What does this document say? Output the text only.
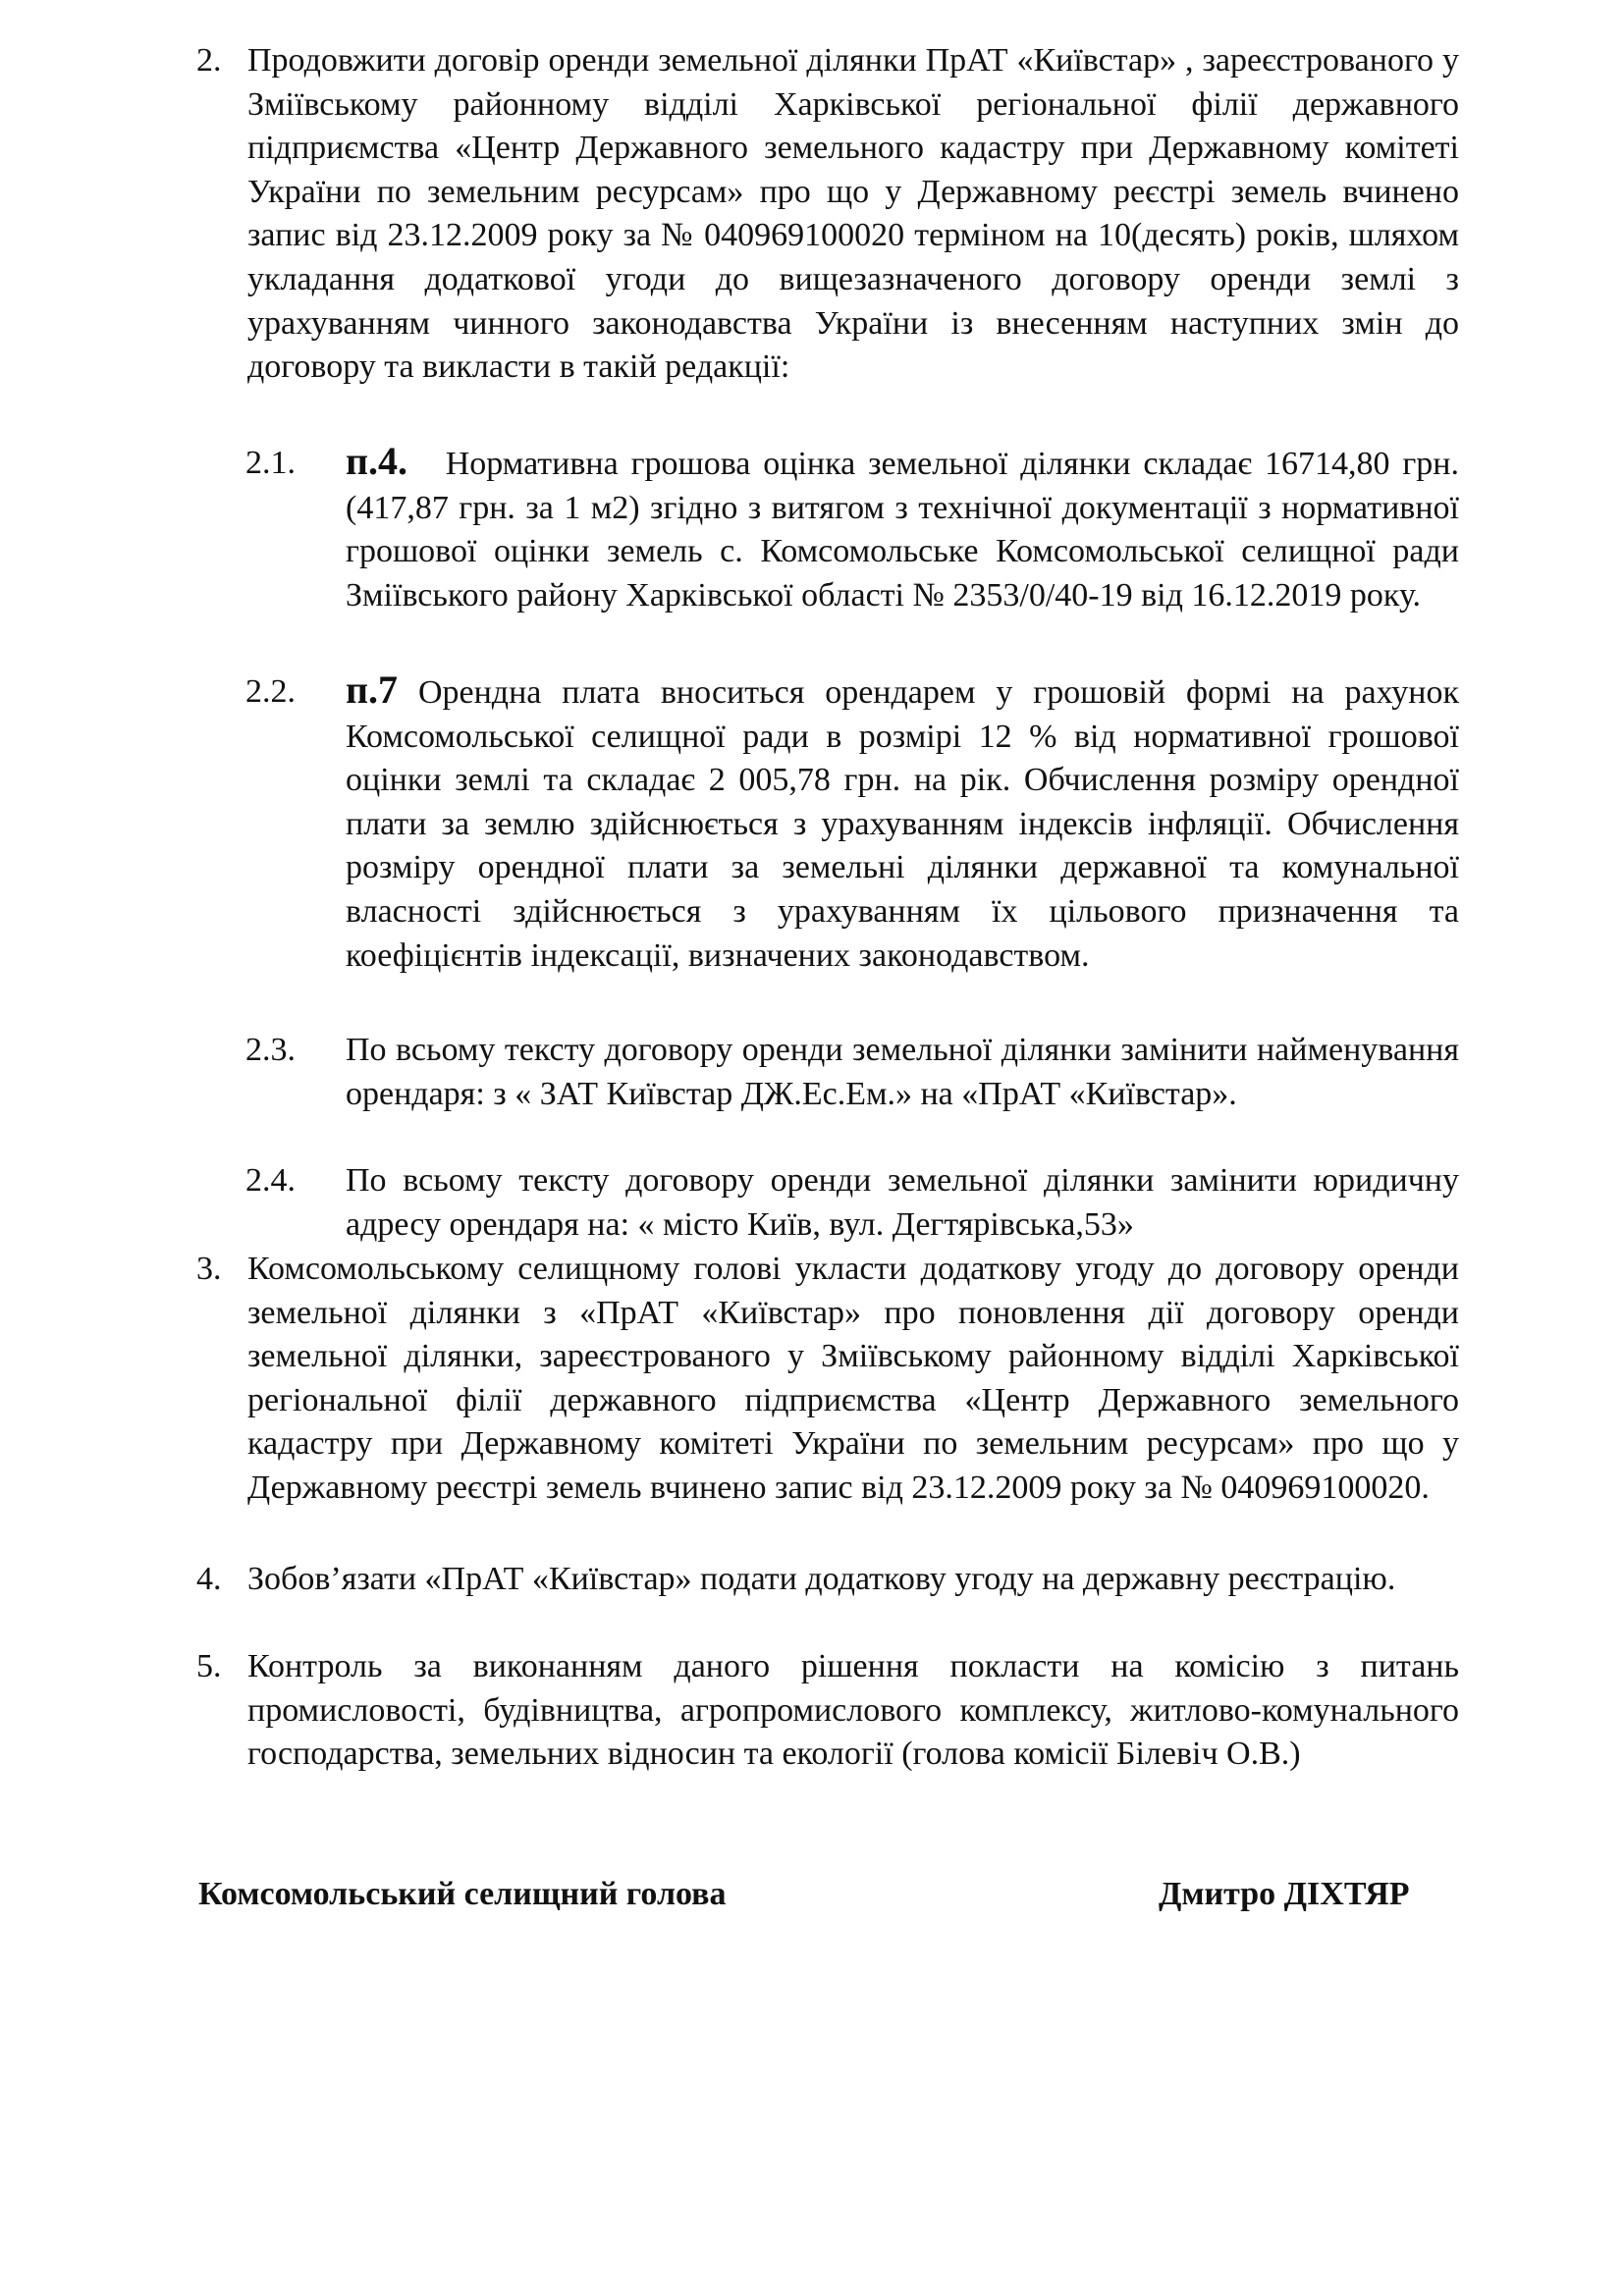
2. Продовжити договір оренди земельної ділянки ПрАТ «Київстар» , зареєстрованого у Зміївському районному відділі Харківської регіональної філії державного підприємства «Центр Державного земельного кадастру при Державному комітеті України по земельним ресурсам» про що у Державному реєстрі земель вчинено запис від 23.12.2009 року за № 040969100020 терміном на 10(десять) років, шляхом укладання додаткової угоди до вищезазначеного договору оренди землі з урахуванням чинного законодавства України із внесенням наступних змін до договору та викласти в такій редакції:
2.1. п.4. Нормативна грошова оцінка земельної ділянки складає 16714,80 грн. (417,87 грн. за 1 м2) згідно з витягом з технічної документації з нормативної грошової оцінки земель с. Комсомольське Комсомольської селищної ради Зміївського району Харківської області № 2353/0/40-19 від 16.12.2019 року.
2.2. п.7 Орендна плата вноситься орендарем у грошовій формі на рахунок Комсомольської селищної ради в розмірі 12 % від нормативної грошової оцінки землі та складає 2 005,78 грн. на рік. Обчислення розміру орендної плати за землю здійснюється з урахуванням індексів інфляції. Обчислення розміру орендної плати за земельні ділянки державної та комунальної власності здійснюється з урахуванням їх цільового призначення та коефіцієнтів індексації, визначених законодавством.
2.3. По всьому тексту договору оренди земельної ділянки замінити найменування орендаря: з « ЗАТ Київстар ДЖ.Ес.Ем.» на «ПрАТ «Київстар».
2.4. По всьому тексту договору оренди земельної ділянки замінити юридичну адресу орендаря на: « місто Київ, вул. Дегтярівська,53»
3. Комсомольському селищному голові укласти додаткову угоду до договору оренди земельної ділянки з «ПрАТ «Київстар» про поновлення дії договору оренди земельної ділянки, зареєстрованого у Зміївському районному відділі Харківської регіональної філії державного підприємства «Центр Державного земельного кадастру при Державному комітеті України по земельним ресурсам» про що у Державному реєстрі земель вчинено запис від 23.12.2009 року за № 040969100020.
4. Зобов’язати «ПрАТ «Київстар» подати додаткову угоду на державну реєстрацію.
5. Контроль за виконанням даного рішення покласти на комісію з питань промисловості, будівництва, агропромислового комплексу, житлово-комунального господарства, земельних відносин та екології (голова комісії Білевіч О.В.)
Комсомольський селищний голова	Дмитро ДІХТЯР
